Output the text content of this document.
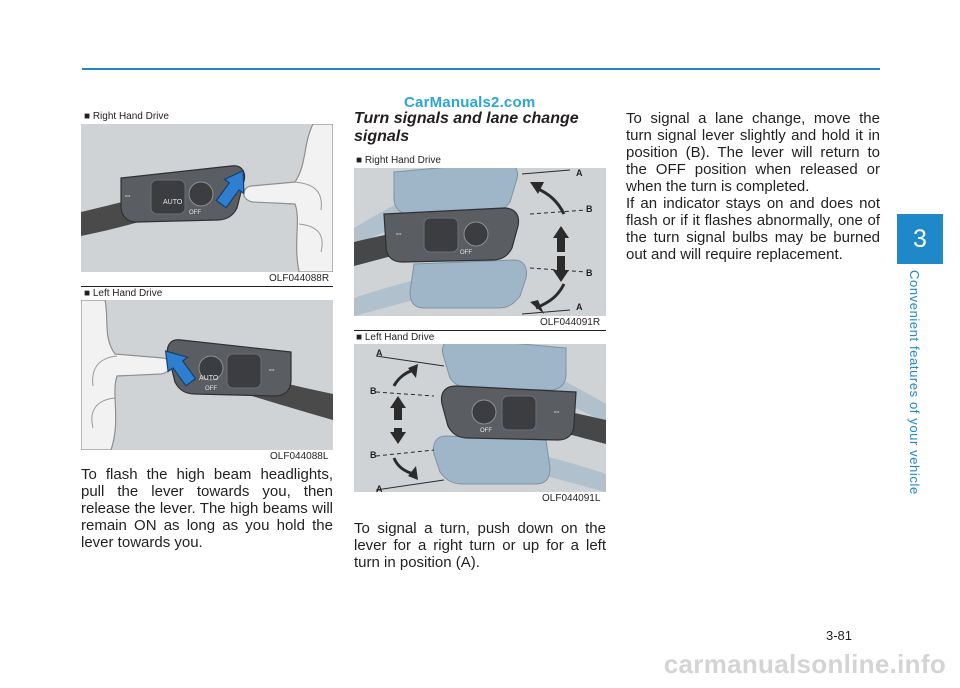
CarManuals2.com
3
Convenient features of your vehicle
■ Right Hand Drive
AUTO
OFF
⇔
OLF044088R
■ Left Hand Drive
AUTO
OFF
⇔
OLF044088L
To flash the high beam headlights, pull the lever towards you, then release the lever. The high beams will remain ON as long as you hold the lever towards you.
Turn signals and lane change signals
■ Right Hand Drive
⇔
OFF
A
B
B
A
OLF044091R
■ Left Hand Drive
⇔
OFF
A
B
B
A
OLF044091L
To signal a turn, push down on the lever for a right turn or up for a left turn in position (A).
To signal a lane change, move the turn signal lever slightly and hold it in position (B). The lever will return to the OFF position when released or when the turn is completed.
If an indicator stays on and does not flash or if it flashes abnormally, one of the turn signal bulbs may be burned out and will require replacement.
3-81
carmanualsonline.info
